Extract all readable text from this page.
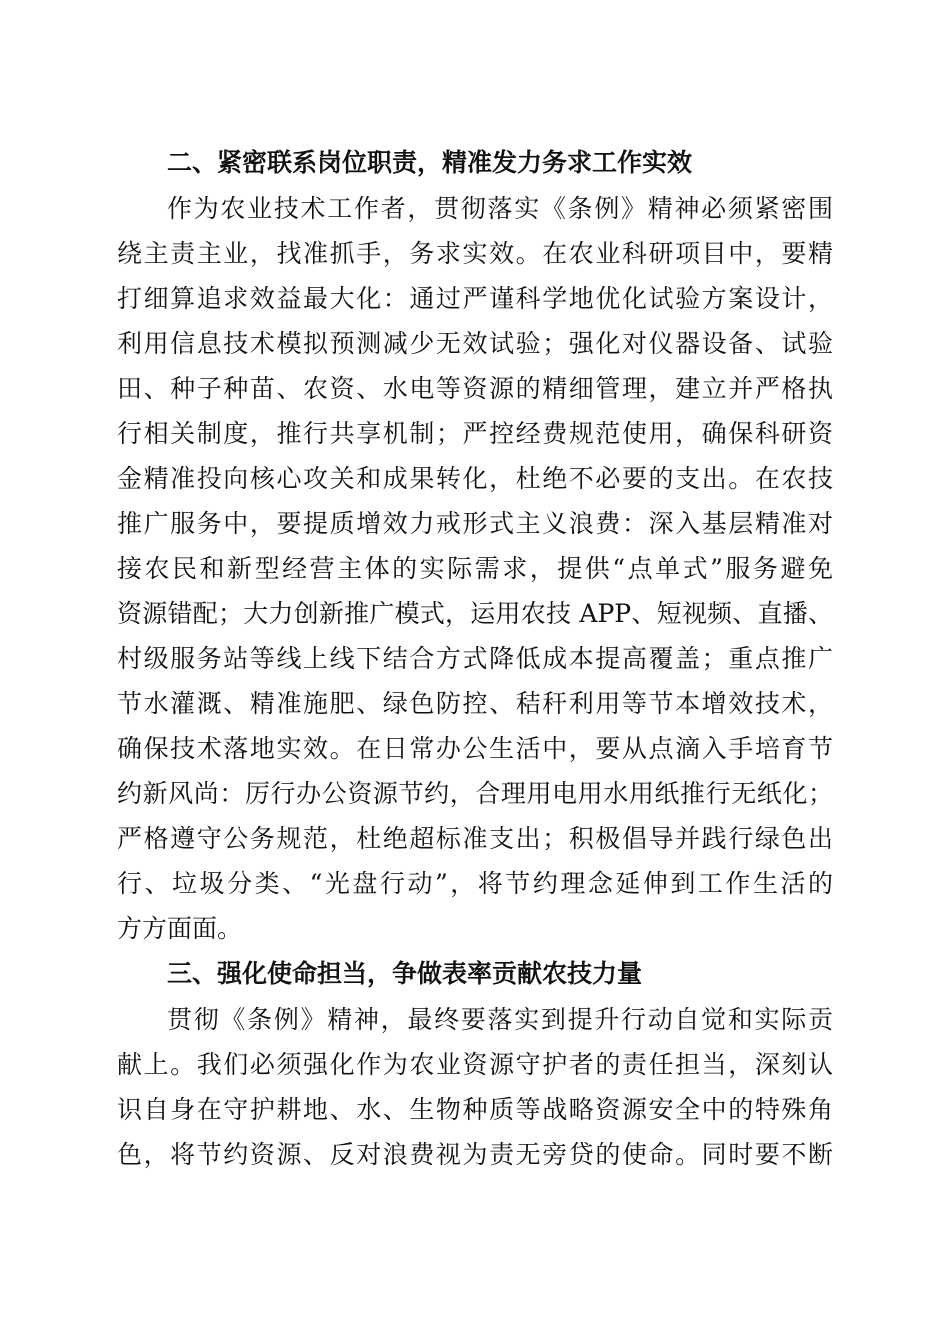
二、紧密联系岗位职责，精准发力务求工作实效
作为农业技术工作者，贯彻落实《条例》精神必须紧密围
绕主责主业，找准抓手，务求实效。在农业科研项目中，要精
打细算追求效益最大化：通过严谨科学地优化试验方案设计，
利用信息技术模拟预测减少无效试验；强化对仪器设备、试验
田、种子种苗、农资、水电等资源的精细管理，建立并严格执
行相关制度，推行共享机制；严控经费规范使用，确保科研资
金精准投向核心攻关和成果转化，杜绝不必要的支出。在农技
推广服务中，要提质增效力戒形式主义浪费：深入基层精准对
接农民和新型经营主体的实际需求，提供“点单式”服务避免
资源错配；大力创新推广模式，运用农技 APP、短视频、直播、
村级服务站等线上线下结合方式降低成本提高覆盖；重点推广
节水灌溉、精准施肥、绿色防控、秸秆利用等节本增效技术，
确保技术落地实效。在日常办公生活中，要从点滴入手培育节
约新风尚：厉行办公资源节约，合理用电用水用纸推行无纸化；
严格遵守公务规范，杜绝超标准支出；积极倡导并践行绿色出
行、垃圾分类、“光盘行动”，将节约理念延伸到工作生活的
方方面面。
三、强化使命担当，争做表率贡献农技力量
贯彻《条例》精神，最终要落实到提升行动自觉和实际贡
献上。我们必须强化作为农业资源守护者的责任担当，深刻认
识自身在守护耕地、水、生物种质等战略资源安全中的特殊角
色，将节约资源、反对浪费视为责无旁贷的使命。同时要不断
